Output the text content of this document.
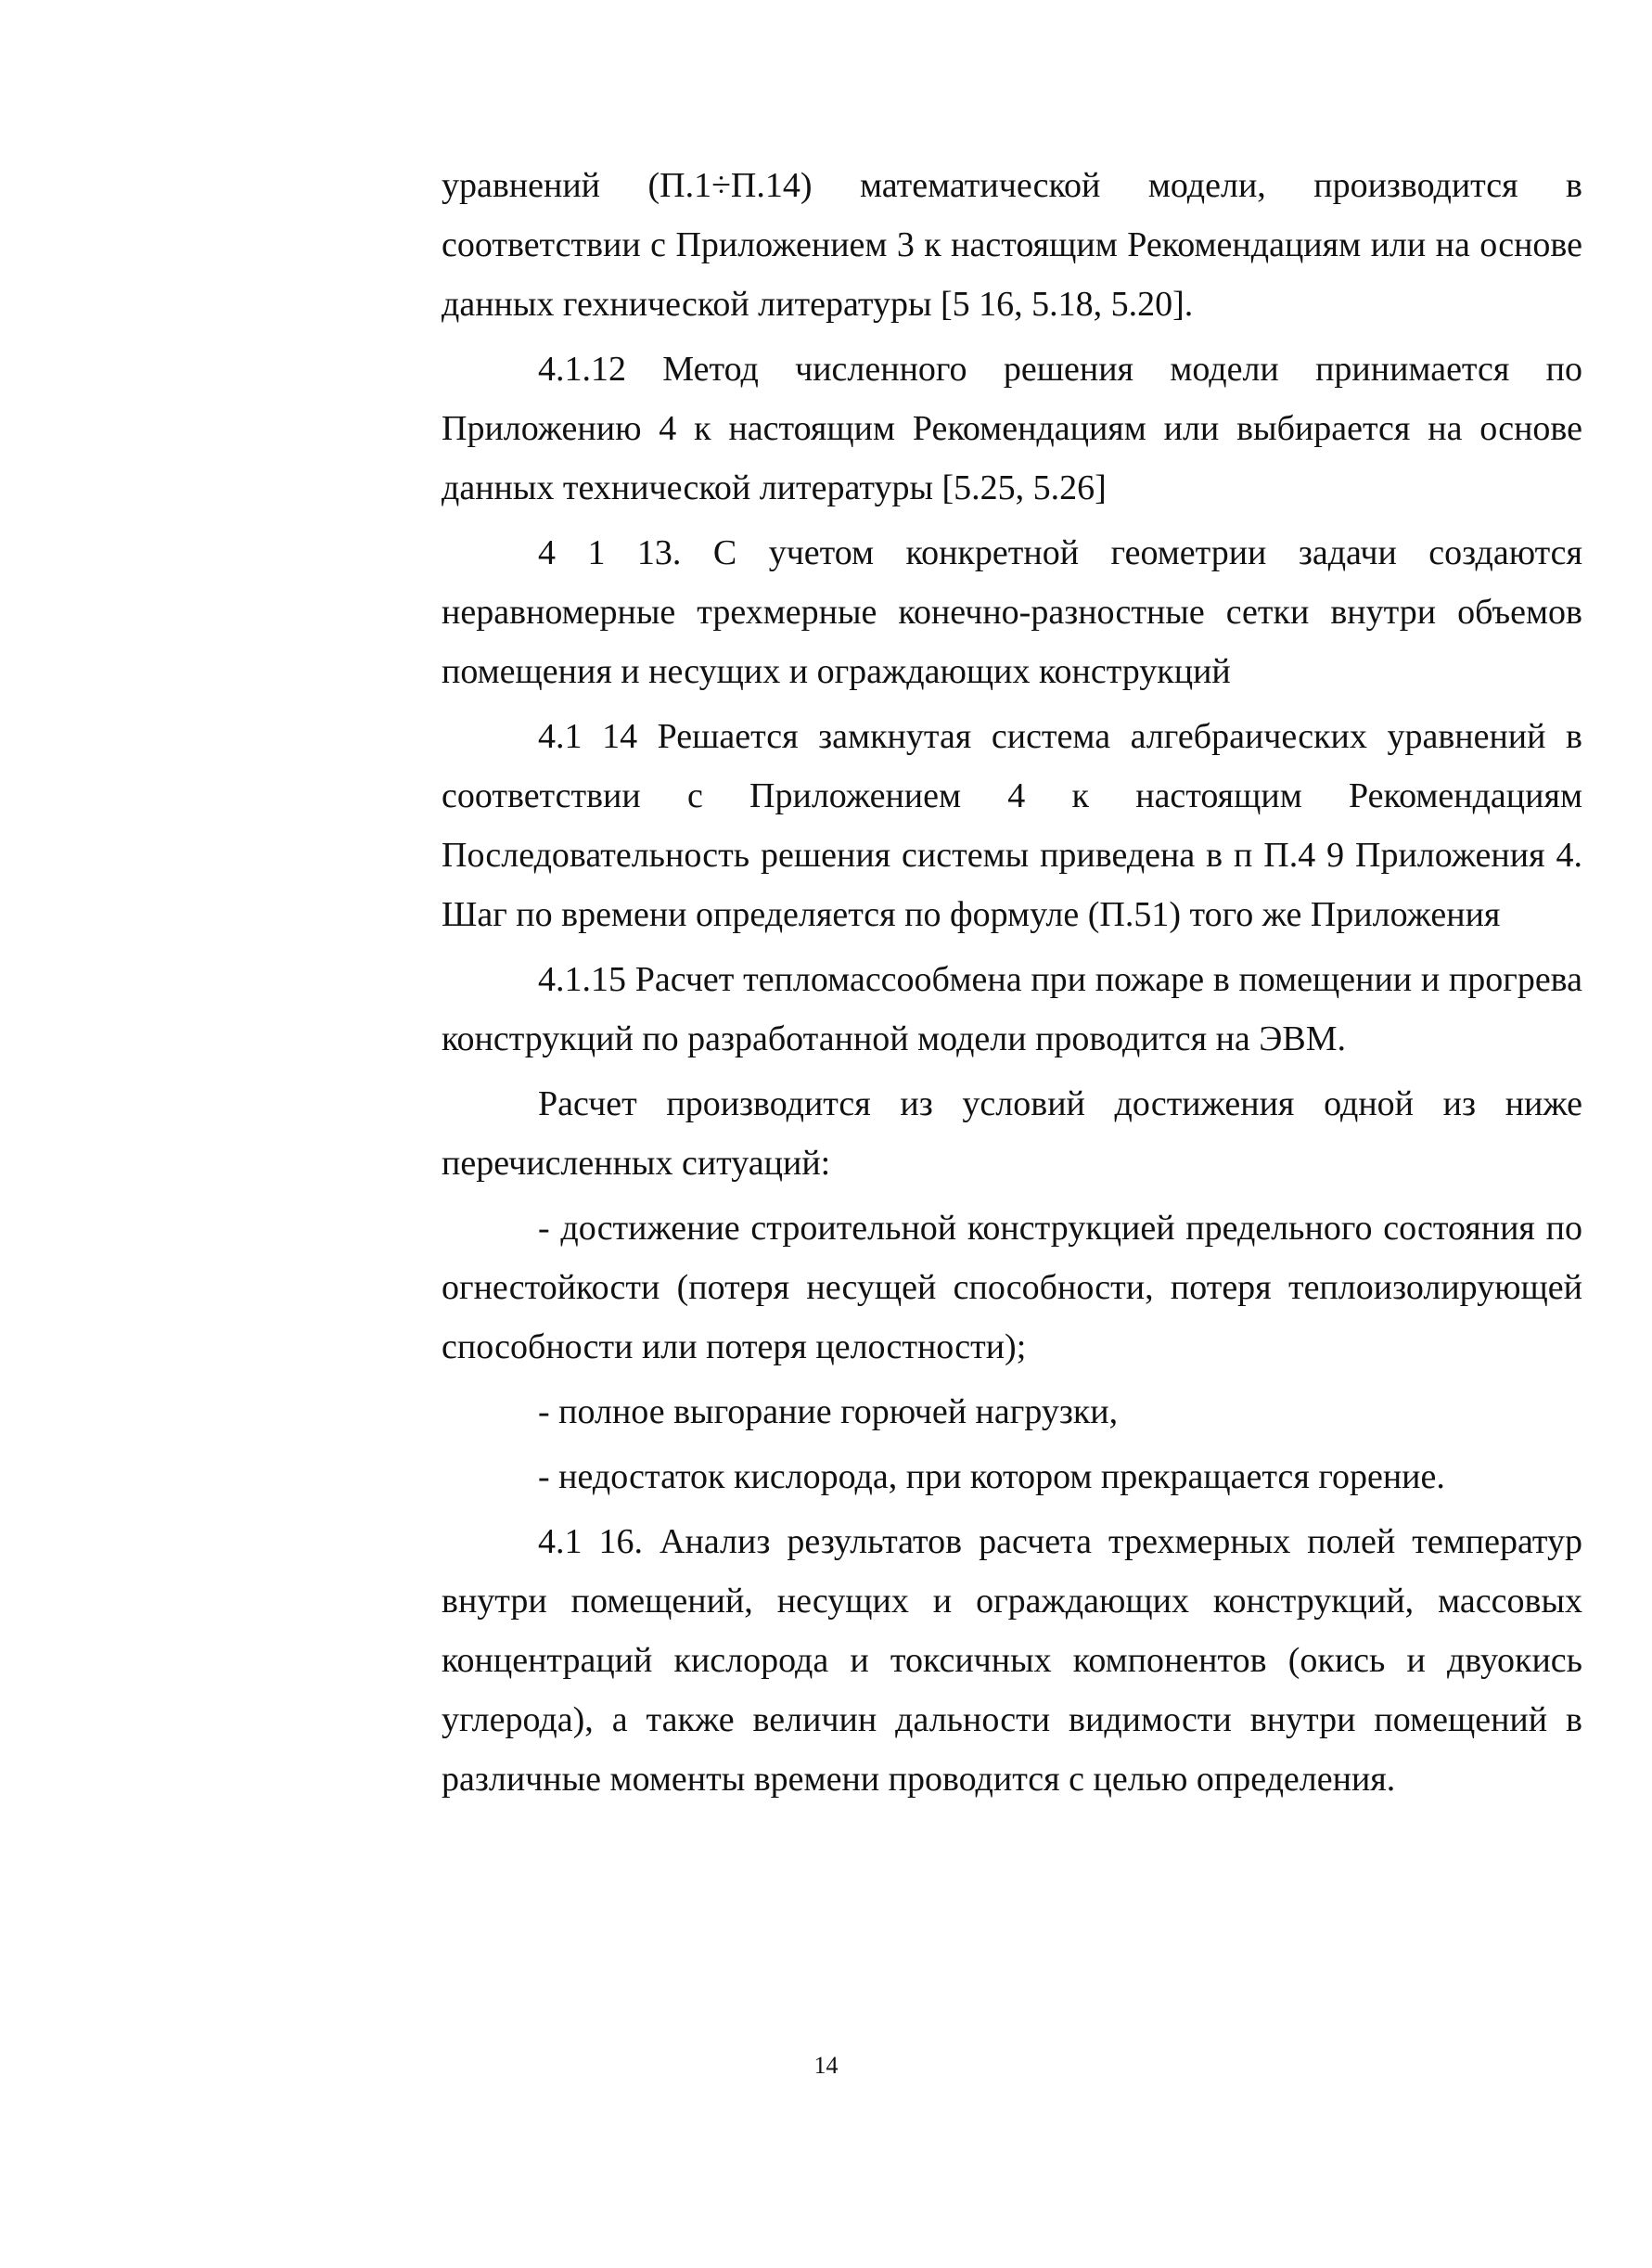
уравнений (П.1÷П.14) математической модели, производится в соответствии с Приложением 3 к настоящим Рекомендациям или на основе данных гехнической литературы [5 16, 5.18, 5.20].

4.1.12 Метод численного решения модели принимается по Приложению 4 к настоящим Рекомендациям или выбирается на основе данных технической литературы [5.25, 5.26]

4 1 13. С учетом конкретной геометрии задачи создаются неравномерные трехмерные конечно-разностные сетки внутри объемов помещения и несущих и ограждающих конструкций

4.1 14 Решается замкнутая система алгебраических уравнений в соответствии с Приложением 4 к настоящим Рекомендациям Последовательность решения системы приведена в п П.4 9 Приложения 4. Шаг по времени определяется по формуле (П.51) того же Приложения

4.1.15 Расчет тепломассообмена при пожаре в помещении и прогрева конструкций по разработанной модели проводится на ЭВМ.

Расчет производится из условий достижения одной из ниже перечисленных ситуаций:

- достижение строительной конструкцией предельного состояния по огнестойкости (потеря несущей способности, потеря теплоизолирующей способности или потеря целостности);

- полное выгорание горючей нагрузки,

- недостаток кислорода, при котором прекращается горение.

4.1 16. Анализ результатов расчета трехмерных полей температур внутри помещений, несущих и ограждающих конструкций, массовых концентраций кислорода и токсичных компонентов (окись и двуокись углерода), а также величин дальности видимости внутри помещений в различные моменты времени проводится с целью определения.

14
